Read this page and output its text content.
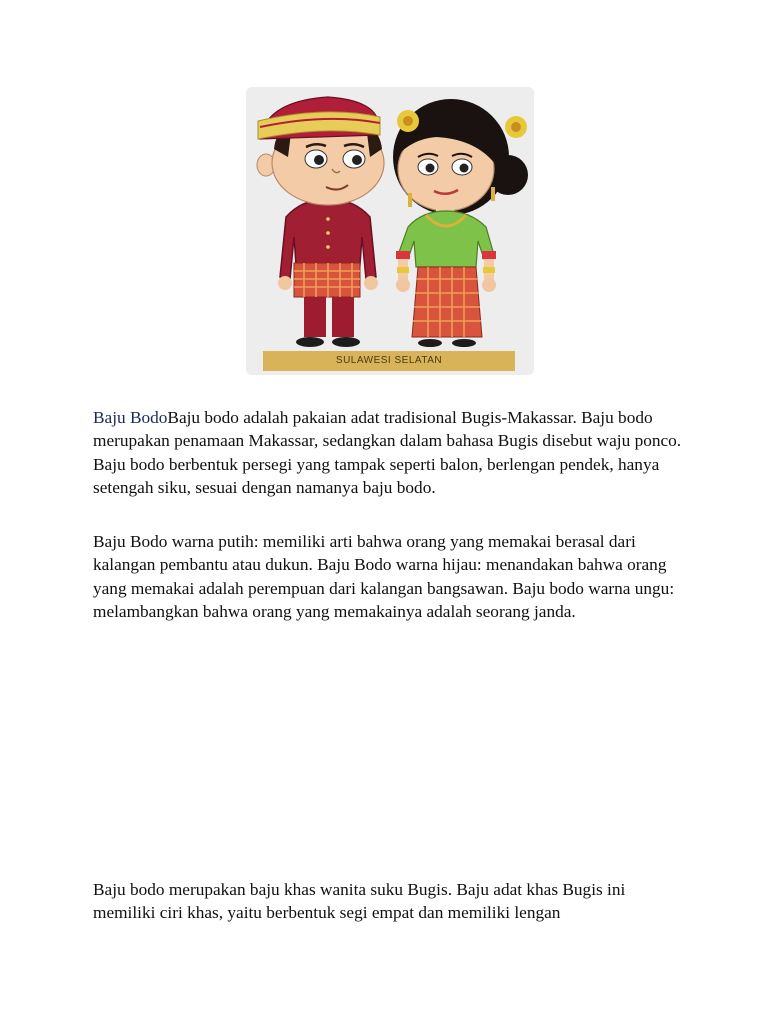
SULAWESI SELATAN

Baju BodoBaju bodo adalah pakaian adat tradisional Bugis-Makassar. Baju bodo merupakan penamaan Makassar, sedangkan dalam bahasa Bugis disebut waju ponco. Baju bodo berbentuk persegi yang tampak seperti balon, berlengan pendek, hanya setengah siku, sesuai dengan namanya baju bodo.

Baju Bodo warna putih: memiliki arti bahwa orang yang memakai berasal dari kalangan pembantu atau dukun. Baju Bodo warna hijau: menandakan bahwa orang yang memakai adalah perempuan dari kalangan bangsawan. Baju bodo warna ungu: melambangkan bahwa orang yang memakainya adalah seorang janda.

Baju bodo merupakan baju khas wanita suku Bugis. Baju adat khas Bugis ini memiliki ciri khas, yaitu berbentuk segi empat dan memiliki lengan
